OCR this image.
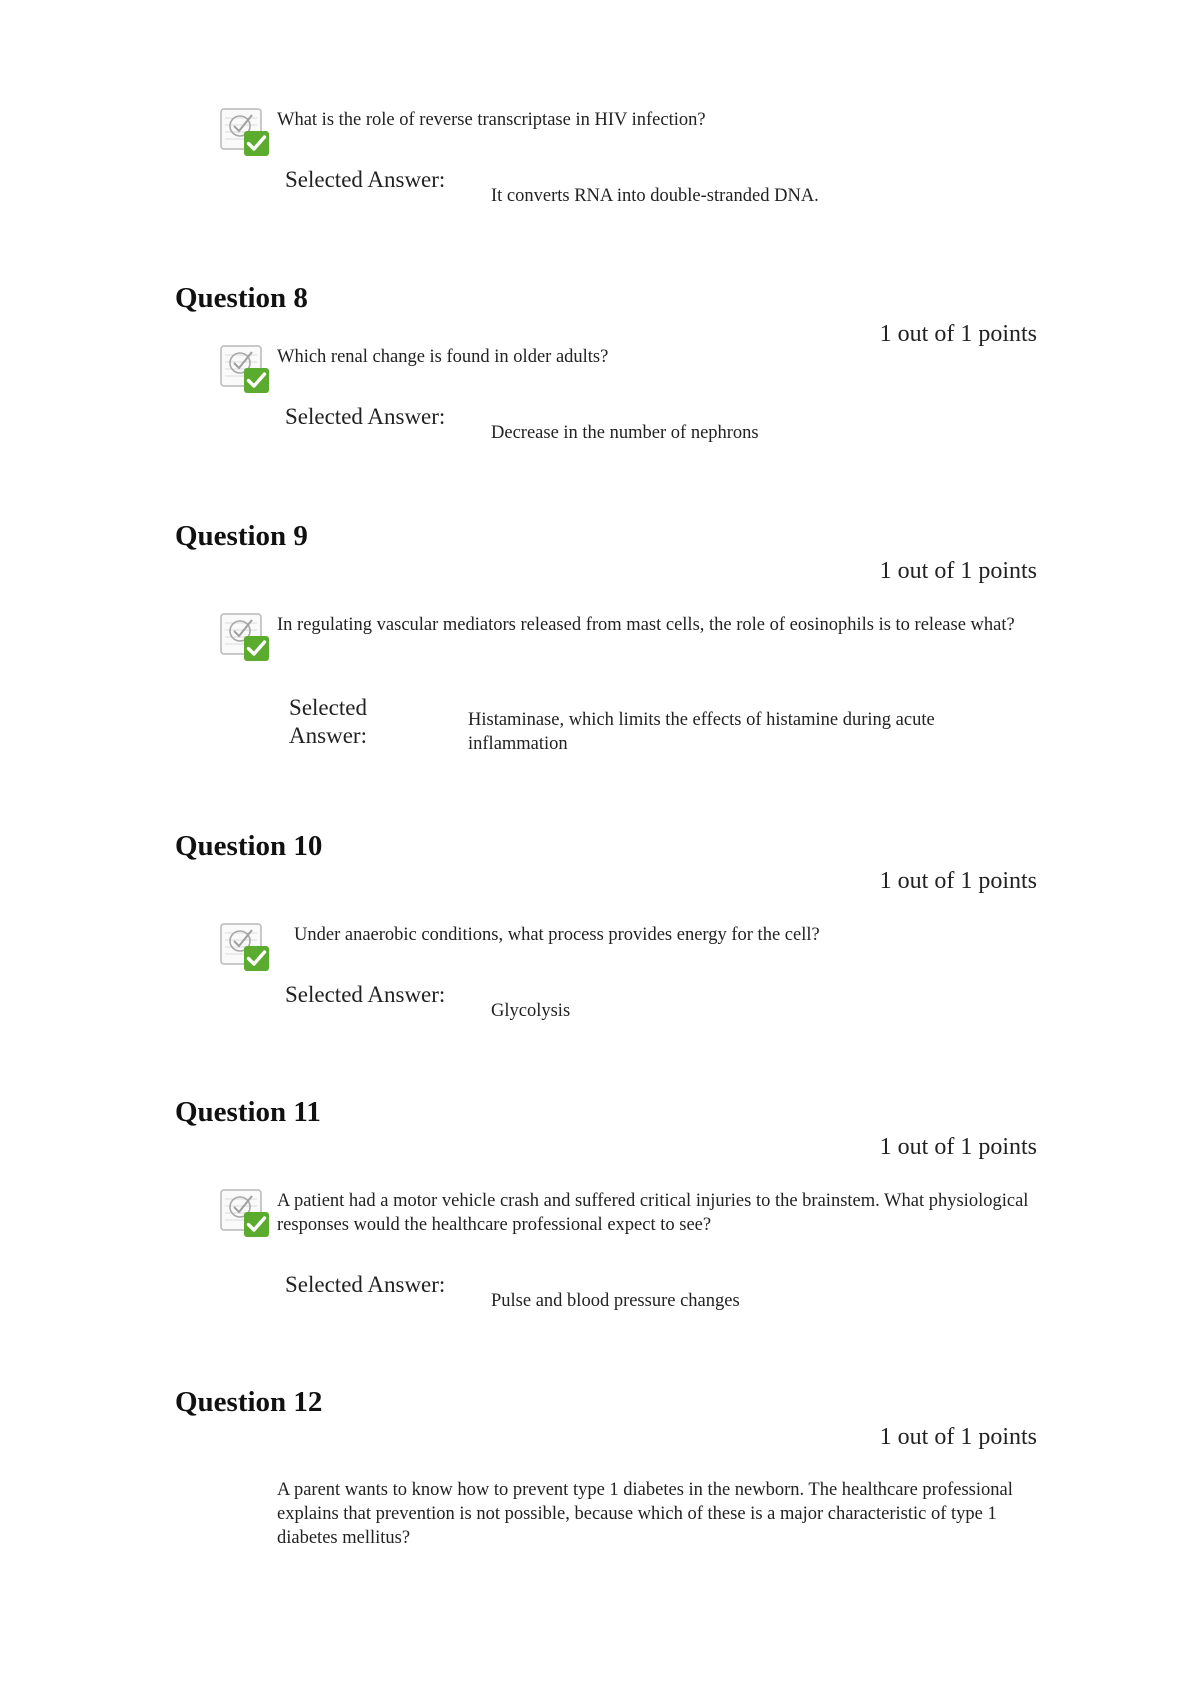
What is the role of reverse transcriptase in HIV infection?
Selected Answer:
It converts RNA into double-stranded DNA.
Question 8
1 out of 1 points
Which renal change is found in older adults?
Selected Answer:
Decrease in the number of nephrons
Question 9
1 out of 1 points
In regulating vascular mediators released from mast cells, the role of eosinophils is to release what?
Selected Answer:
Histaminase, which limits the effects of histamine during acute inflammation
Question 10
1 out of 1 points
Under anaerobic conditions, what process provides energy for the cell?
Selected Answer:
Glycolysis
Question 11
1 out of 1 points
A patient had a motor vehicle crash and suffered critical injuries to the brainstem. What physiological responses would the healthcare professional expect to see?
Selected Answer:
Pulse and blood pressure changes
Question 12
1 out of 1 points
A parent wants to know how to prevent type 1 diabetes in the newborn. The healthcare professional explains that prevention is not possible, because which of these is a major characteristic of type 1 diabetes mellitus?
